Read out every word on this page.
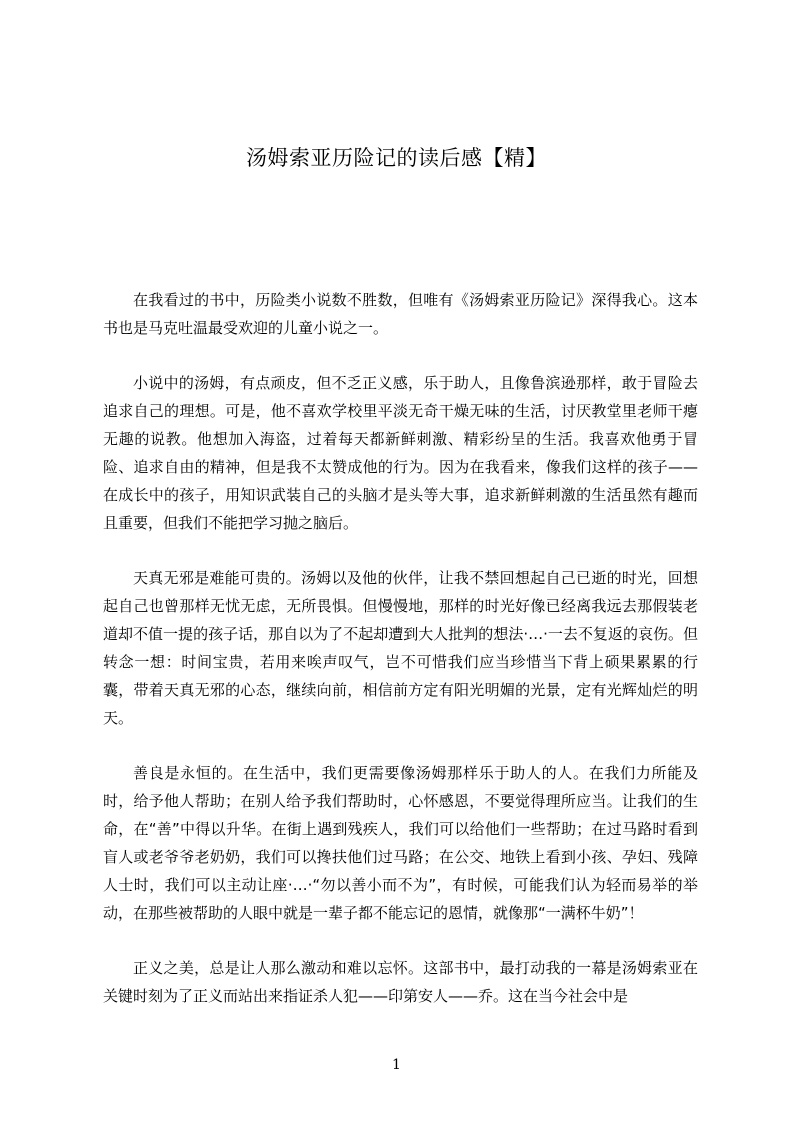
汤姆索亚历险记的读后感【精】

在我看过的书中，历险类小说数不胜数，但唯有《汤姆索亚历险记》深得我心。这本书也是马克吐温最受欢迎的儿童小说之一。

小说中的汤姆，有点顽皮，但不乏正义感，乐于助人，且像鲁滨逊那样，敢于冒险去追求自己的理想。可是，他不喜欢学校里平淡无奇干燥无味的生活，讨厌教堂里老师干瘪无趣的说教。他想加入海盗，过着每天都新鲜刺激、精彩纷呈的生活。我喜欢他勇于冒险、追求自由的精神，但是我不太赞成他的行为。因为在我看来，像我们这样的孩子——在成长中的孩子，用知识武装自己的头脑才是头等大事，追求新鲜刺激的生活虽然有趣而且重要，但我们不能把学习抛之脑后。

天真无邪是难能可贵的。汤姆以及他的伙伴，让我不禁回想起自己已逝的时光，回想起自己也曾那样无忧无虑，无所畏惧。但慢慢地，那样的时光好像已经离我远去那假装老道却不值一提的孩子话，那自以为了不起却遭到大人批判的想法·…·一去不复返的哀伤。但转念一想：时间宝贵，若用来唉声叹气，岂不可惜我们应当珍惜当下背上硕果累累的行囊，带着天真无邪的心态，继续向前，相信前方定有阳光明媚的光景，定有光辉灿烂的明天。

善良是永恒的。在生活中，我们更需要像汤姆那样乐于助人的人。在我们力所能及时，给予他人帮助；在别人给予我们帮助时，心怀感恩，不要觉得理所应当。让我们的生命，在“善”中得以升华。在街上遇到残疾人，我们可以给他们一些帮助；在过马路时看到盲人或老爷爷老奶奶，我们可以搀扶他们过马路；在公交、地铁上看到小孩、孕妇、残障人士时，我们可以主动让座·…·“勿以善小而不为”，有时候，可能我们认为轻而易举的举动，在那些被帮助的人眼中就是一辈子都不能忘记的恩情，就像那“一满杯牛奶”！

正义之美，总是让人那么激动和难以忘怀。这部书中，最打动我的一幕是汤姆索亚在关键时刻为了正义而站出来指证杀人犯——印第安人——乔。这在当今社会中是

1
